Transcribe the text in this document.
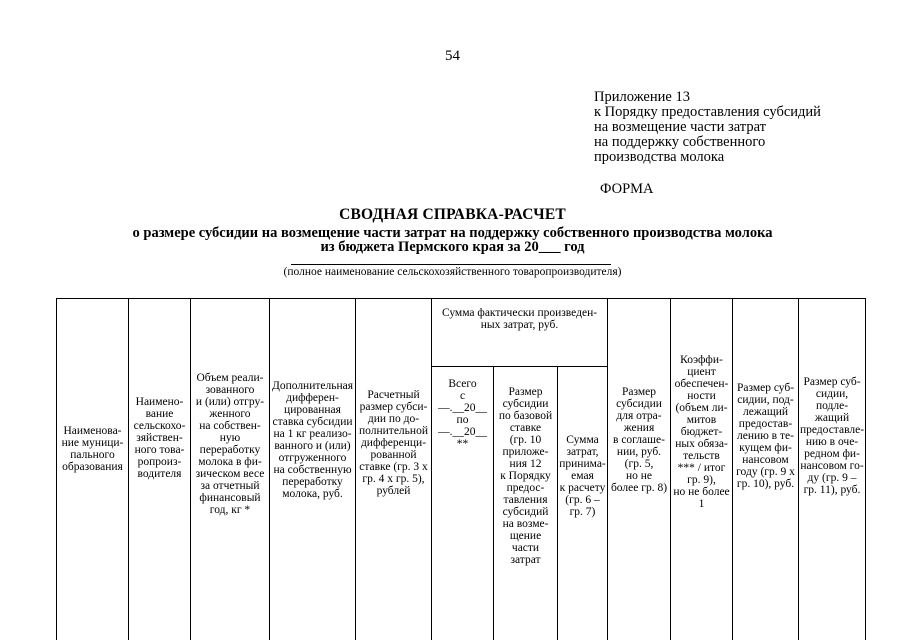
54
Приложение 13
к Порядку предоставления субсидий
на возмещение части затрат
на поддержку собственного
производства молока
ФОРМА
СВОДНАЯ СПРАВКА-РАСЧЕТ
о размере субсидии на возмещение части затрат на поддержку собственного производства молока
из бюджета Пермского края за 20___ год
(полное наименование сельскохозяйственного товаропроизводителя)
Сумма фактически произведен-
ных затрат, руб.
Наименова-
ние муници-
пального
образования
Наимено-
вание
сельскохо-
зяйствен-
ного това-
ропроиз-
водителя
Объем реали-
зованного
и (или) отгру-
женного
на собствен-
ную
переработку
молока в фи-
зическом весе
за отчетный
финансовый
год, кг *
Дополнительная
дифферен-
цированная
ставка субсидии
на 1 кг реализо-
ванного и (или)
отгруженного
на собственную
переработку
молока, руб.
Расчетный
размер субси-
дии по до-
полнительной
дифференци-
рованной
ставке (гр. 3 х
гр. 4 х гр. 5),
рублей
Всего
с
—.__20__
по
—.__20__
**
Размер
субсидии
по базовой
ставке
(гр. 10
приложе-
ния 12
к Порядку
предос-
тавления
субсидий
на возме-
щение
части
затрат
Сумма
затрат,
принима-
емая
к расчету
(гр. 6 –
гр. 7)
Размер
субсидии
для отра-
жения
в соглаше-
нии, руб.
(гр. 5,
но не
более гр. 8)
Коэффи-
циент
обеспечен-
ности
(объем ли-
митов
бюджет-
ных обяза-
тельств
*** / итог
гр. 9),
но не более
1
Размер суб-
сидии, под-
лежащий
предостав-
лению в те-
кущем фи-
нансовом
году (гр. 9 х
гр. 10), руб.
Размер суб-
сидии, подле-
жащий
предоставле-
нию в оче-
редном фи-
нансовом го-
ду (гр. 9 –
гр. 11), руб.
